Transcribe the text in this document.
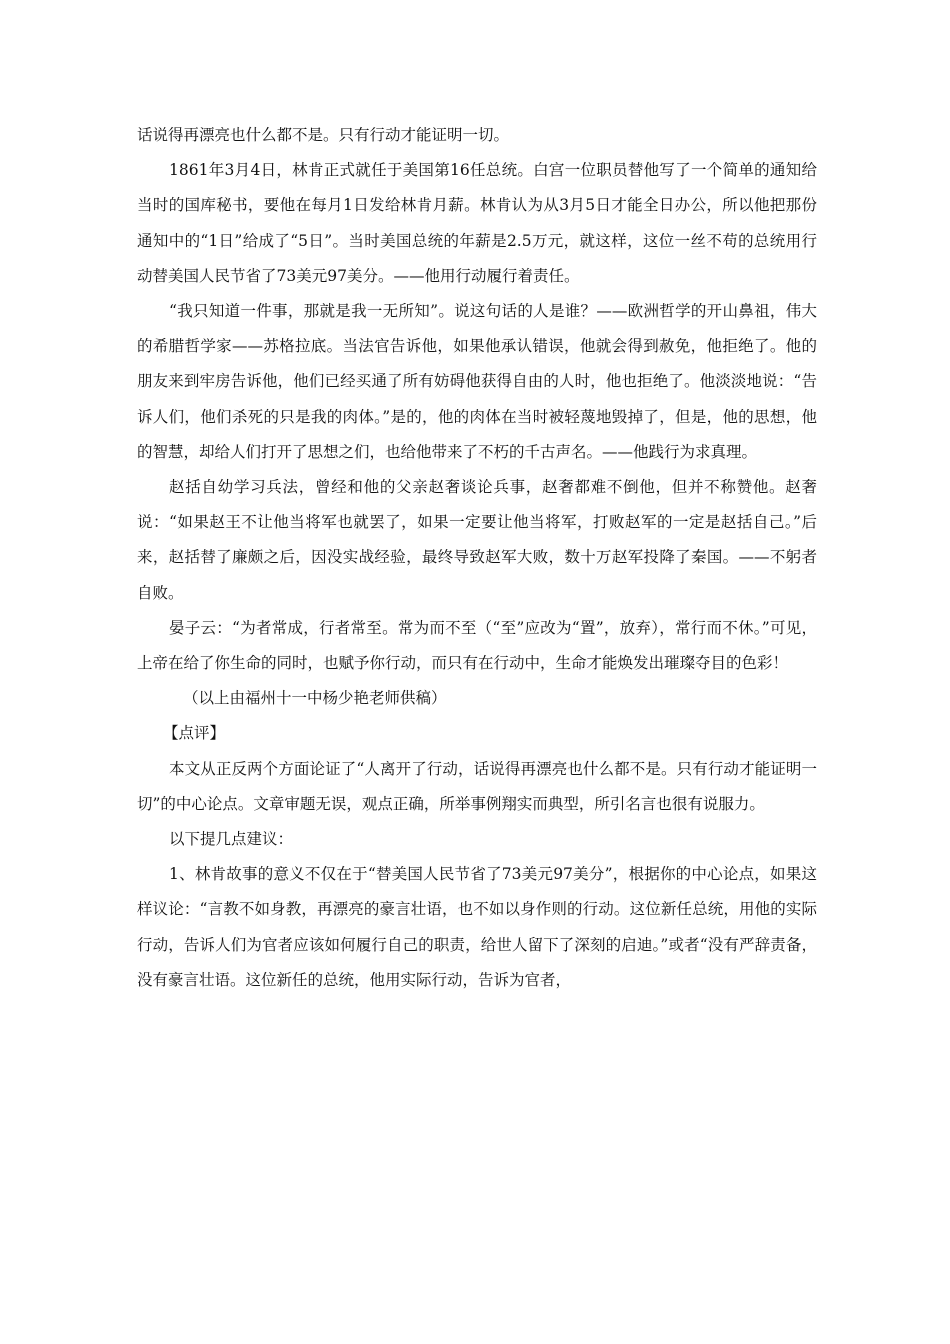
话说得再漂亮也什么都不是。只有行动才能证明一切。

1861年3月4日，林肯正式就任于美国第16任总统。白宫一位职员替他写了一个简单的通知给当时的国库秘书，要他在每月1日发给林肯月薪。林肯认为从3月5日才能全日办公，所以他把那份通知中的“1日”给成了“5日”。当时美国总统的年薪是2.5万元，就这样，这位一丝不苟的总统用行动替美国人民节省了73美元97美分。——他用行动履行着责任。

“我只知道一件事，那就是我一无所知”。说这句话的人是谁？——欧洲哲学的开山鼻祖，伟大的希腊哲学家——苏格拉底。当法官告诉他，如果他承认错误，他就会得到赦免，他拒绝了。他的朋友来到牢房告诉他，他们已经买通了所有妨碍他获得自由的人时，他也拒绝了。他淡淡地说：“告诉人们，他们杀死的只是我的肉体。”是的，他的肉体在当时被轻蔑地毁掉了，但是，他的思想，他的智慧，却给人们打开了思想之们，也给他带来了不朽的千古声名。——他践行为求真理。

赵括自幼学习兵法，曾经和他的父亲赵奢谈论兵事，赵奢都难不倒他，但并不称赞他。赵奢说：“如果赵王不让他当将军也就罢了，如果一定要让他当将军，打败赵军的一定是赵括自己。”后来，赵括替了廉颇之后，因没实战经验，最终导致赵军大败，数十万赵军投降了秦国。——不躬者自败。

晏子云：“为者常成，行者常至。常为而不至（“至”应改为“置”，放弃），常行而不休。”可见，上帝在给了你生命的同时，也赋予你行动，而只有在行动中，生命才能焕发出璀璨夺目的色彩！

（以上由福州十一中杨少艳老师供稿）

【点评】

本文从正反两个方面论证了“人离开了行动，话说得再漂亮也什么都不是。只有行动才能证明一切”的中心论点。文章审题无误，观点正确，所举事例翔实而典型，所引名言也很有说服力。

以下提几点建议：

1、林肯故事的意义不仅在于“替美国人民节省了73美元97美分”，根据你的中心论点，如果这样议论：“言教不如身教，再漂亮的豪言壮语，也不如以身作则的行动。这位新任总统，用他的实际行动，告诉人们为官者应该如何履行自己的职责，给世人留下了深刻的启迪。”或者“没有严辞责备，没有豪言壮语。这位新任的总统，他用实际行动，告诉为官者，
